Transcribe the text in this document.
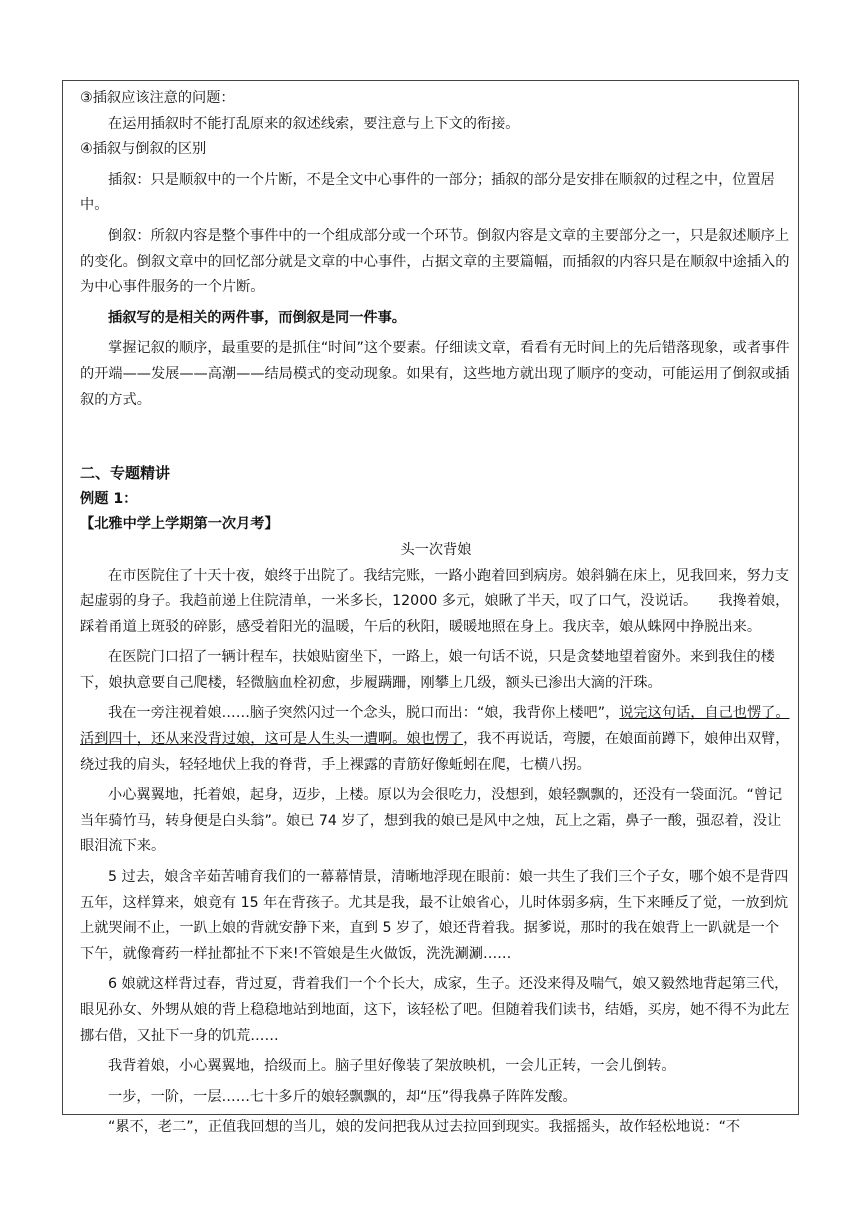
③插叙应该注意的问题：

在运用插叙时不能打乱原来的叙述线索，要注意与上下文的衔接。

④插叙与倒叙的区别

插叙：只是顺叙中的一个片断，不是全文中心事件的一部分；插叙的部分是安排在顺叙的过程之中，位置居中。

倒叙：所叙内容是整个事件中的一个组成部分或一个环节。倒叙内容是文章的主要部分之一，只是叙述顺序上的变化。倒叙文章中的回忆部分就是文章的中心事件，占据文章的主要篇幅，而插叙的内容只是在顺叙中途插入的为中心事件服务的一个片断。

插叙写的是相关的两件事，而倒叙是同一件事。

掌握记叙的顺序，最重要的是抓住“时间”这个要素。仔细读文章，看看有无时间上的先后错落现象，或者事件的开端——发展——高潮——结局模式的变动现象。如果有，这些地方就出现了顺序的变动，可能运用了倒叙或插叙的方式。

二、专题精讲

例题 1：

【北雅中学上学期第一次月考】

头一次背娘

在市医院住了十天十夜，娘终于出院了。我结完账，一路小跑着回到病房。娘斜躺在床上，见我回来，努力支起虚弱的身子。我趋前递上住院清单，一米多长，12000 多元，娘瞅了半天，叹了口气，没说话。　　我搀着娘，踩着甬道上斑驳的碎影，感受着阳光的温暖，午后的秋阳，暖暖地照在身上。我庆幸，娘从蛛网中挣脱出来。

在医院门口招了一辆计程车，扶娘贴窗坐下，一路上，娘一句话不说，只是贪婪地望着窗外。来到我住的楼下，娘执意要自己爬楼，轻微脑血栓初愈，步履蹒跚，刚攀上几级，额头已渗出大滴的汗珠。

我在一旁注视着娘……脑子突然闪过一个念头，脱口而出：“娘，我背你上楼吧”，说完这句话，自己也愣了。活到四十，还从来没背过娘，这可是人生头一遭啊。娘也愣了，我不再说话，弯腰，在娘面前蹲下，娘伸出双臂，绕过我的肩头，轻轻地伏上我的脊背，手上裸露的青筋好像蚯蚓在爬，七横八拐。

小心翼翼地，托着娘，起身，迈步，上楼。原以为会很吃力，没想到，娘轻飘飘的，还没有一袋面沉。“曾记当年骑竹马，转身便是白头翁”。娘已 74 岁了，想到我的娘已是风中之烛，瓦上之霜，鼻子一酸，强忍着，没让眼泪流下来。

5 过去，娘含辛茹苦哺育我们的一幕幕情景，清晰地浮现在眼前：娘一共生了我们三个子女，哪个娘不是背四五年，这样算来，娘竟有 15 年在背孩子。尤其是我，最不让娘省心，儿时体弱多病，生下来睡反了觉，一放到炕上就哭闹不止，一趴上娘的背就安静下来，直到 5 岁了，娘还背着我。据爹说，那时的我在娘背上一趴就是一个下午，就像膏药一样扯都扯不下来!不管娘是生火做饭，洗洗涮涮……

6 娘就这样背过春，背过夏，背着我们一个个长大，成家，生子。还没来得及喘气，娘又毅然地背起第三代，眼见孙女、外甥从娘的背上稳稳地站到地面，这下，该轻松了吧。但随着我们读书，结婚，买房，她不得不为此左挪右借，又扯下一身的饥荒……

我背着娘，小心翼翼地，拾级而上。脑子里好像装了架放映机，一会儿正转，一会儿倒转。

一步，一阶，一层……七十多斤的娘轻飘飘的，却“压”得我鼻子阵阵发酸。

“累不，老二”，正值我回想的当儿，娘的发问把我从过去拉回到现实。我摇摇头，故作轻松地说：“不
